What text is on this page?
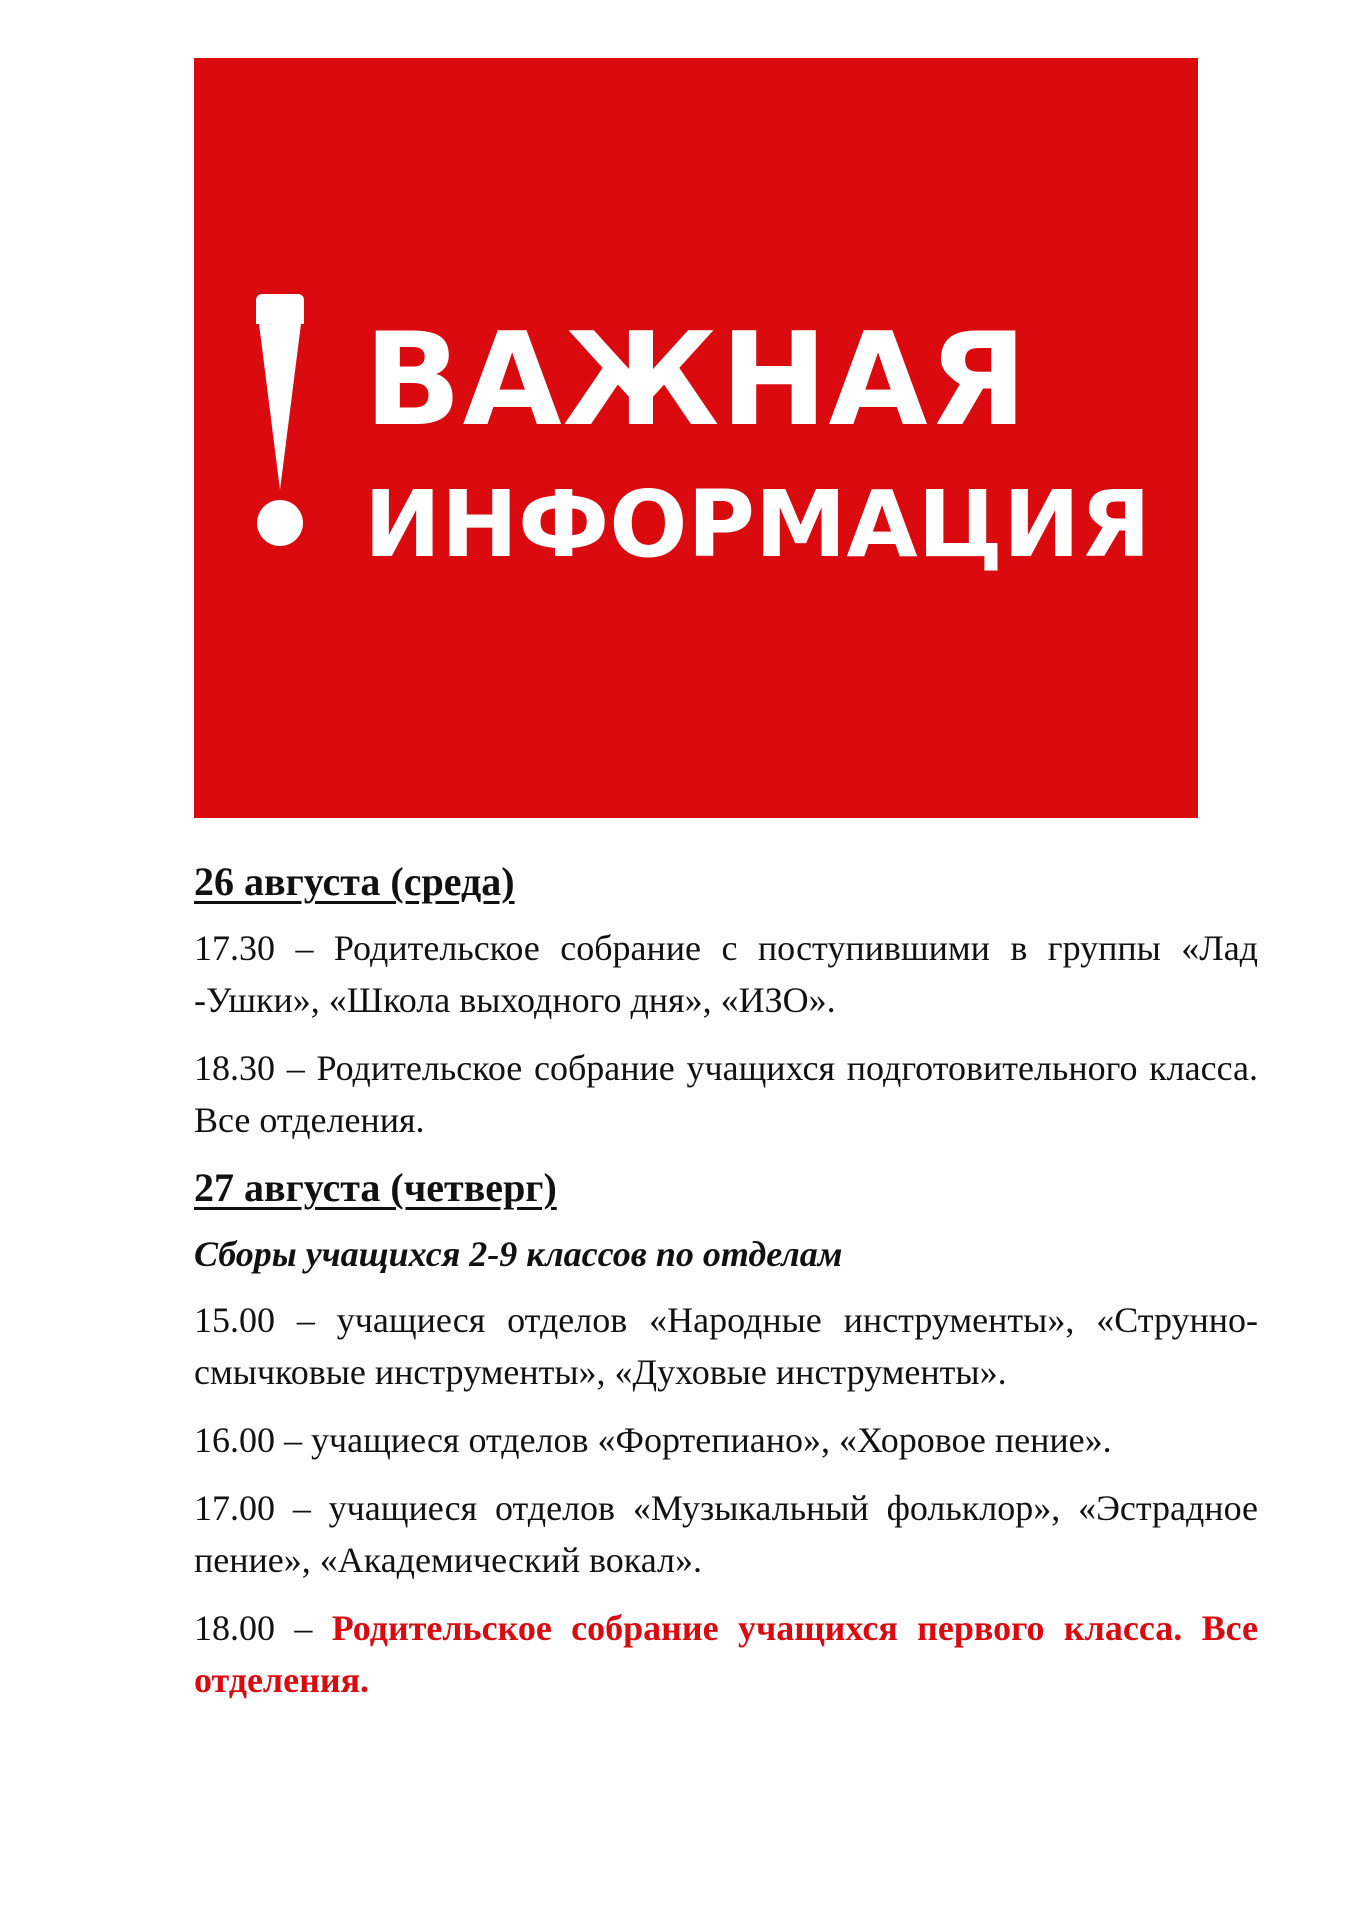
ВАЖНАЯ
ИНФОРМАЦИЯ
26 августа (среда)

17.30 – Родительское собрание с поступившими в группы «Лад -Ушки», «Школа выходного дня», «ИЗО».

18.30 – Родительское собрание учащихся подготовительного класса. Все отделения.

27 августа (четверг)
Сборы учащихся 2-9 классов по отделам

15.00 – учащиеся отделов «Народные инструменты», «Струнно-смычковые инструменты», «Духовые инструменты».

16.00 – учащиеся отделов «Фортепиано», «Хоровое пение».

17.00 – учащиеся отделов «Музыкальный фольклор», «Эстрадное пение», «Академический вокал».

18.00 – Родительское собрание учащихся первого класса. Все отделения.
